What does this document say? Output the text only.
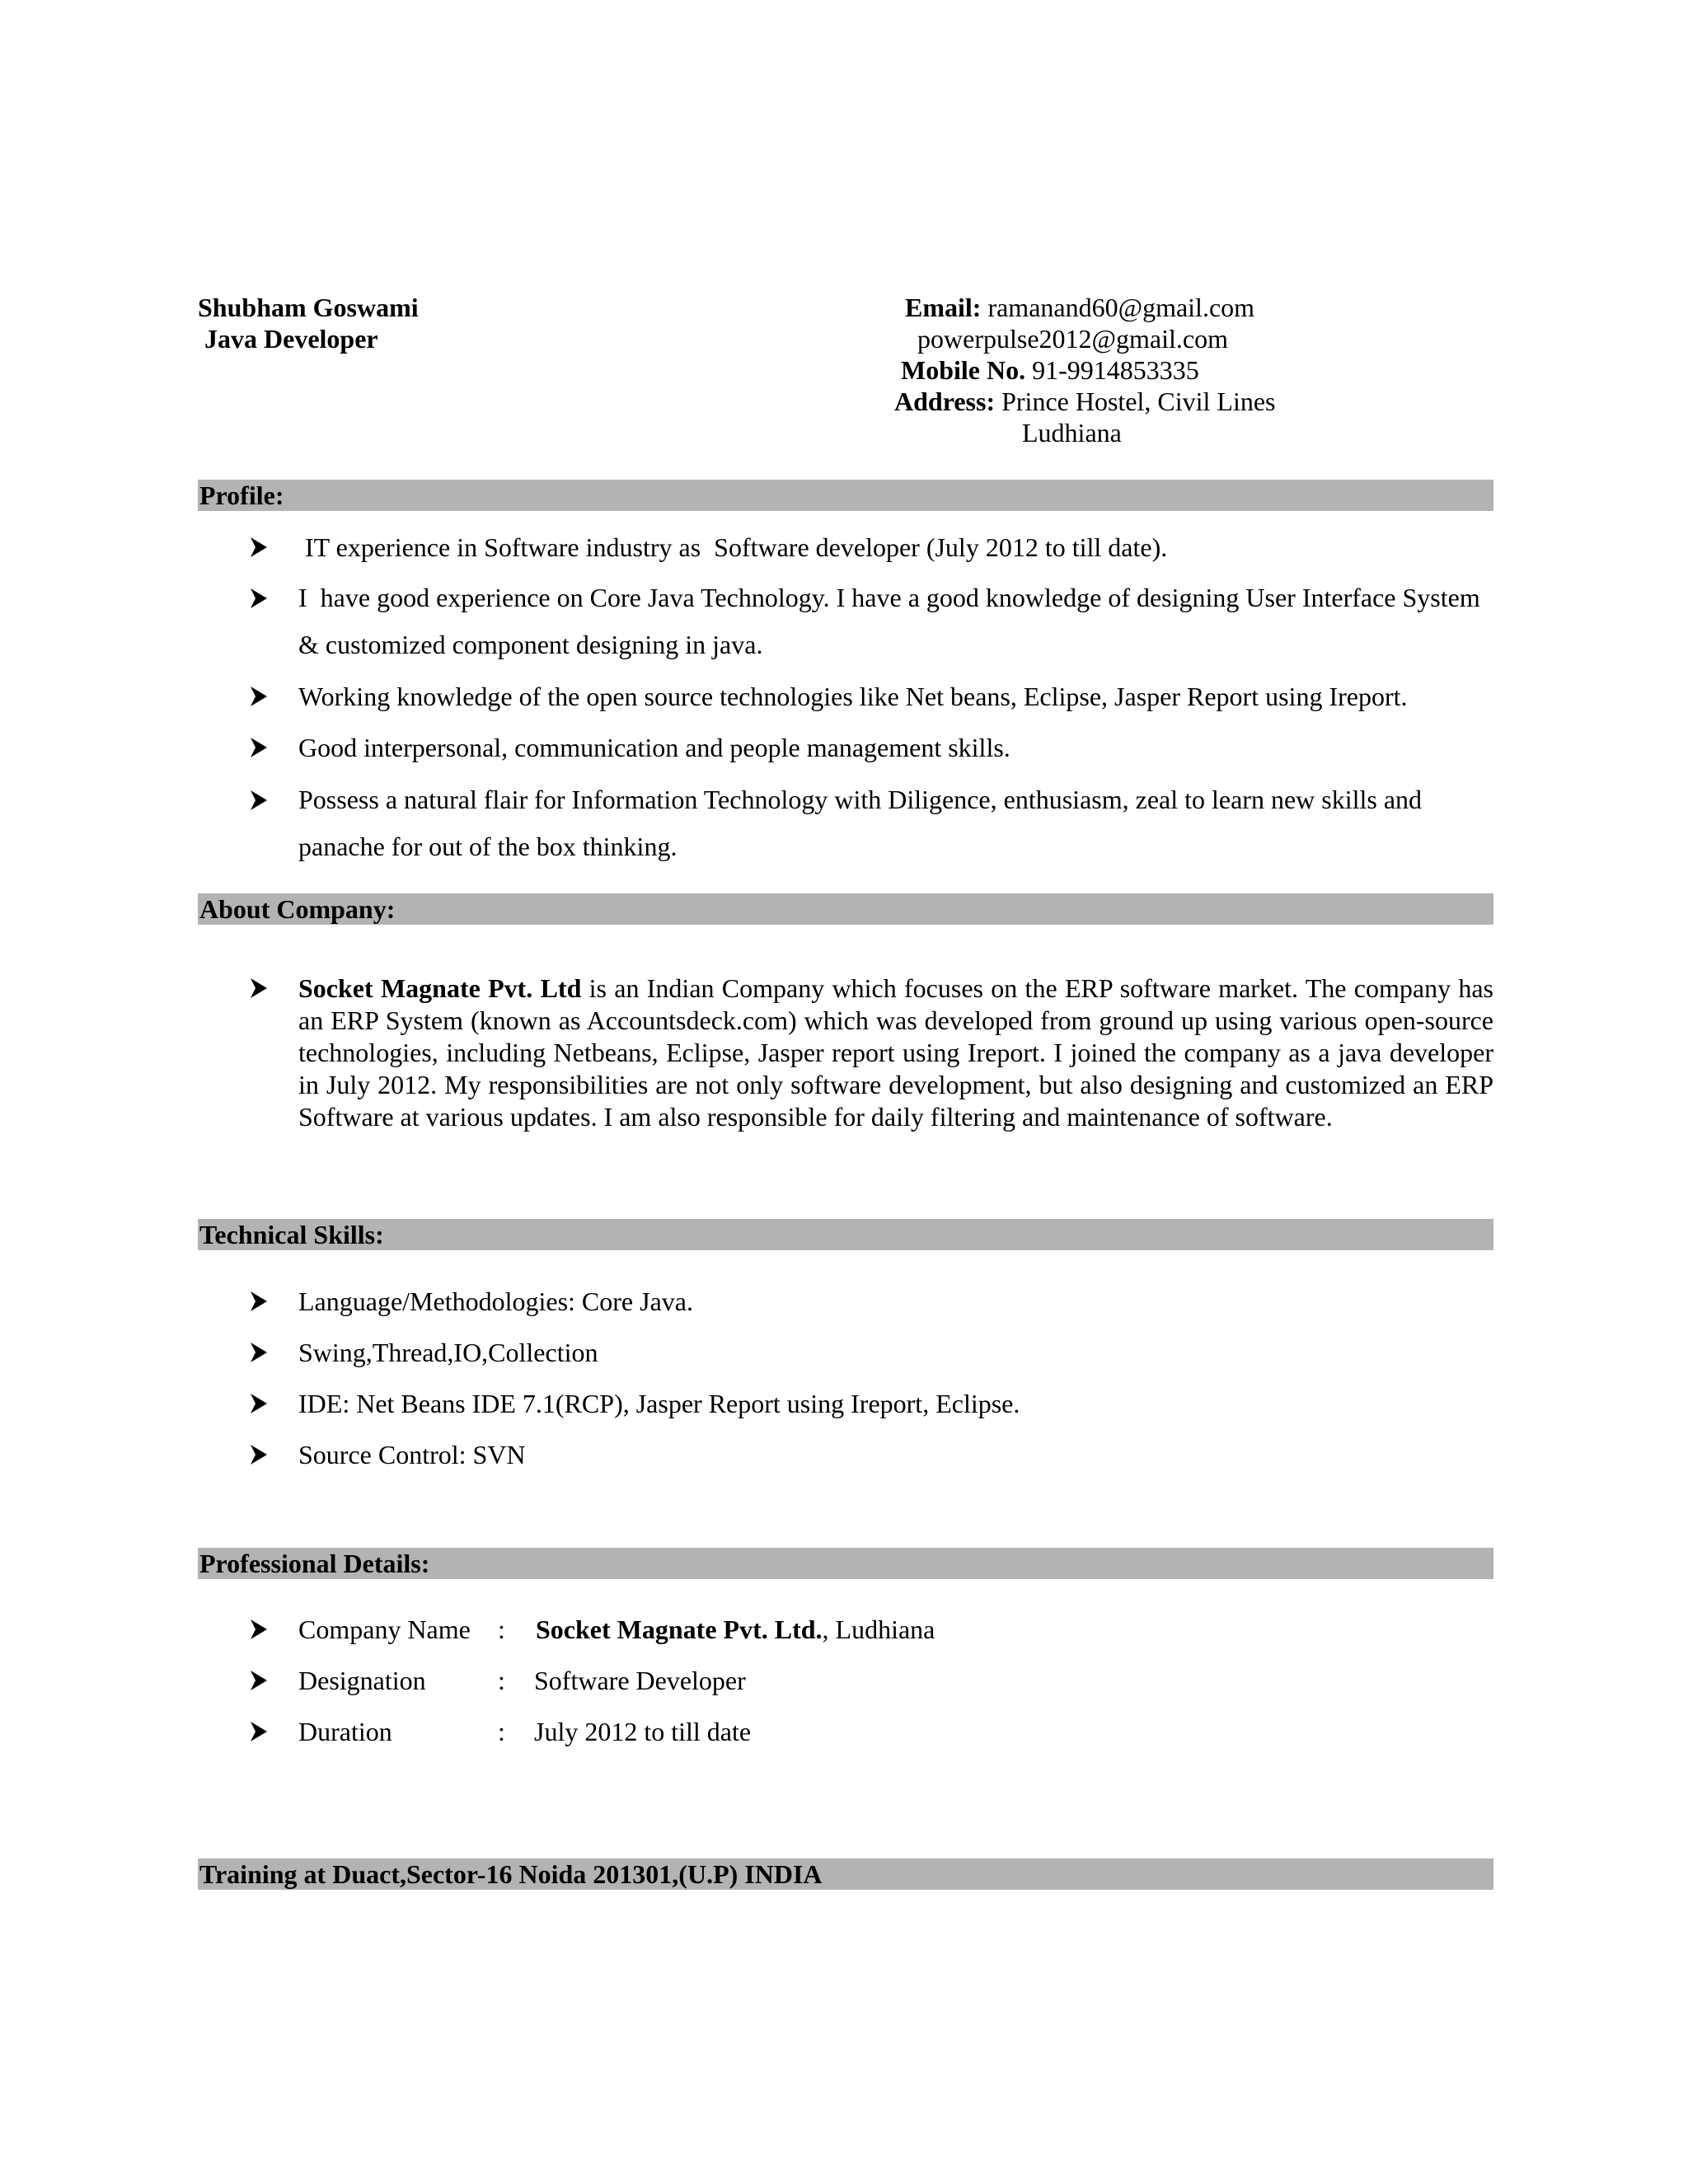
Shubham Goswami
Java Developer
Email: ramanand60@gmail.com
powerpulse2012@gmail.com
Mobile No. 91-9914853335
Address: Prince Hostel, Civil Lines
Ludhiana
Profile:
IT experience in Software industry as  Software developer (July 2012 to till date).
I  have good experience on Core Java Technology. I have a good knowledge of designing User Interface System & customized component designing in java.
Working knowledge of the open source technologies like Net beans, Eclipse, Jasper Report using Ireport.
Good interpersonal, communication and people management skills.
Possess a natural flair for Information Technology with Diligence, enthusiasm, zeal to learn new skills and panache for out of the box thinking.
About Company:
Socket Magnate Pvt. Ltd is an Indian Company which focuses on the ERP software market. The company has an ERP System (known as Accountsdeck.com) which was developed from ground up using various open-source technologies, including Netbeans, Eclipse, Jasper report using Ireport. I joined the company as a java developer in July 2012. My responsibilities are not only software development, but also designing and customized an ERP Software at various updates. I am also responsible for daily filtering and maintenance of software.
Technical Skills:
Language/Methodologies: Core Java.
Swing,Thread,IO,Collection
IDE: Net Beans IDE 7.1(RCP), Jasper Report using Ireport, Eclipse.
Source Control: SVN
Professional Details:
Company Name : Socket Magnate Pvt. Ltd., Ludhiana
Designation	: Software Developer
Duration	: July 2012 to till date
Training at Duact,Sector-16 Noida 201301,(U.P) INDIA
